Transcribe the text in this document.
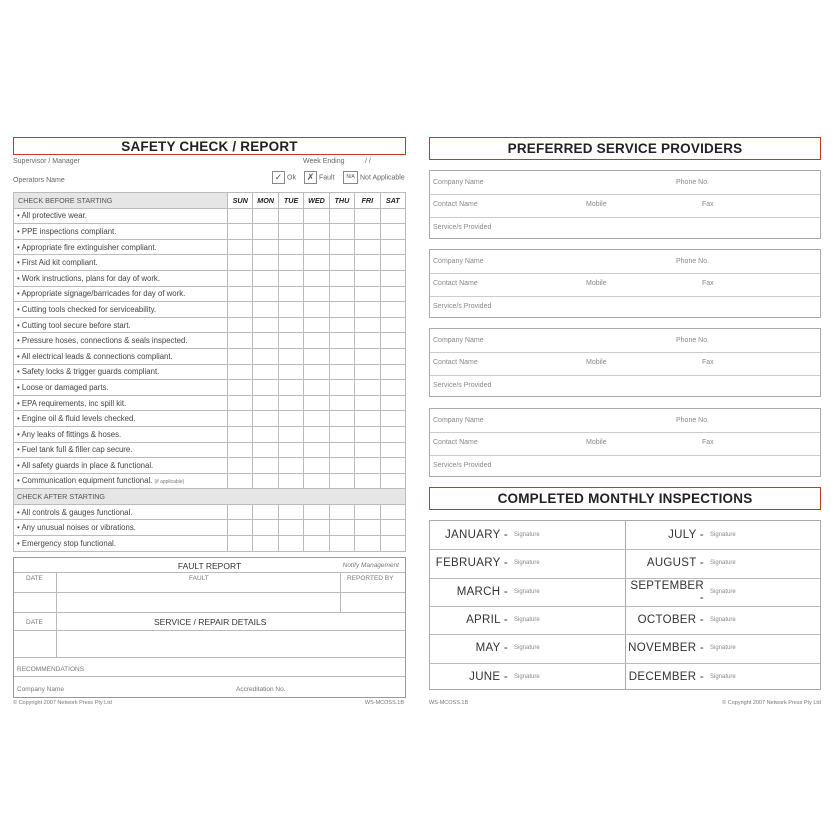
SAFETY CHECK / REPORT
Supervisor / Manager	Week Ending	/ /
Operators Name	✓ Ok	✗ Fault	N/A Not Applicable
CHECK BEFORE STARTING	SUN	MON	TUE	WED	THU	FRI	SAT
• All protective wear.							
• PPE inspections compliant.							
• Appropriate fire extinguisher compliant.							
• First Aid kit compliant.							
• Work instructions, plans for day of work.							
• Appropriate signage/barricades for day of work.							
• Cutting tools checked for serviceability.							
• Cutting tool secure before start.							
• Pressure hoses, connections & seals inspected.							
• All electrical leads & connections compliant.							
• Safety locks & trigger guards compliant.							
• Loose or damaged parts.							
• EPA requirements, inc spill kit.							
• Engine oil & fluid levels checked.							
• Any leaks of fittings & hoses.							
• Fuel tank full & filler cap secure.							
• All safety guards in place & functional.							
• Communication equipment functional. (if applicable)							
CHECK AFTER STARTING							
• All controls & gauges functional.							
• Any unusual noises or vibrations.							
• Emergency stop functional.							
FAULT REPORT	Notify Management
DATE	FAULT	REPORTED BY
DATE	SERVICE / REPAIR DETAILS
RECOMMENDATIONS
Company Name	Accreditation No.
© Copyright 2007 Network Press Pty Ltd	WS-MCOSS.1B
PREFERRED SERVICE PROVIDERS
Company Name	Phone No.
Contact Name	Mobile	Fax
Service/s Provided
Company Name	Phone No.
Contact Name	Mobile	Fax
Service/s Provided
Company Name	Phone No.
Contact Name	Mobile	Fax
Service/s Provided
Company Name	Phone No.
Contact Name	Mobile	Fax
Service/s Provided
COMPLETED MONTHLY INSPECTIONS
JANUARY - Signature	JULY - Signature
FEBRUARY - Signature	AUGUST - Signature
MARCH - Signature	SEPTEMBER - Signature
APRIL - Signature	OCTOBER - Signature
MAY - Signature	NOVEMBER - Signature
JUNE - Signature	DECEMBER - Signature
WS-MCOSS.1B	© Copyright 2007 Network Press Pty Ltd
